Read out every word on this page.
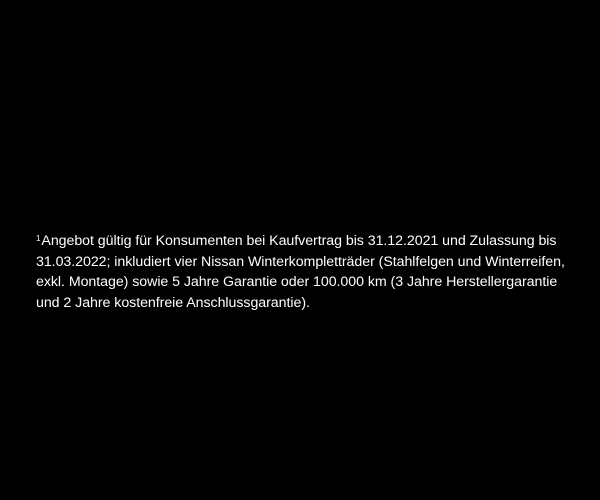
$^1$Angebot gültig für Konsumenten bei Kaufvertrag bis 31.12.2021 und Zulassung bis 31.03.2022; inkludiert vier Nissan Winterkompletträder (Stahlfelgen und Winterreifen, exkl. Montage) sowie 5 Jahre Garantie oder 100.000 km (3 Jahre Herstellergarantie und 2 Jahre kostenfreie Anschlussgarantie).
